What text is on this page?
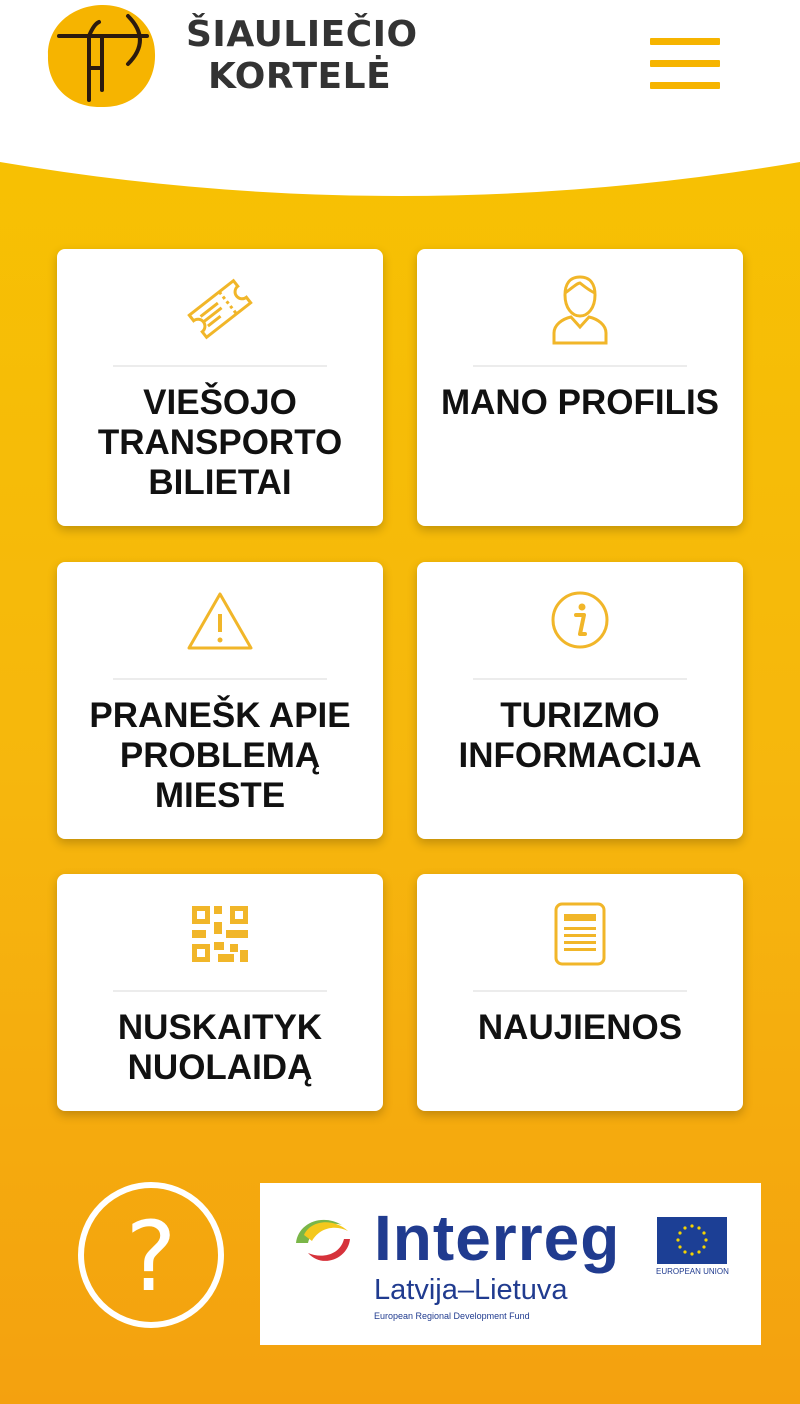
ŠIAULIEČIO
KORTELĖ
VIEŠOJO
TRANSPORTO
BILIETAI
MANO PROFILIS
PRANEŠK APIE
PROBLEMĄ
MIESTE
TURIZMO
INFORMACIJA
NUSKAITYK
NUOLAIDĄ
NAUJIENOS
?	Interreg
Latvija–Lietuva
European Regional Development Fund
EUROPEAN UNION
